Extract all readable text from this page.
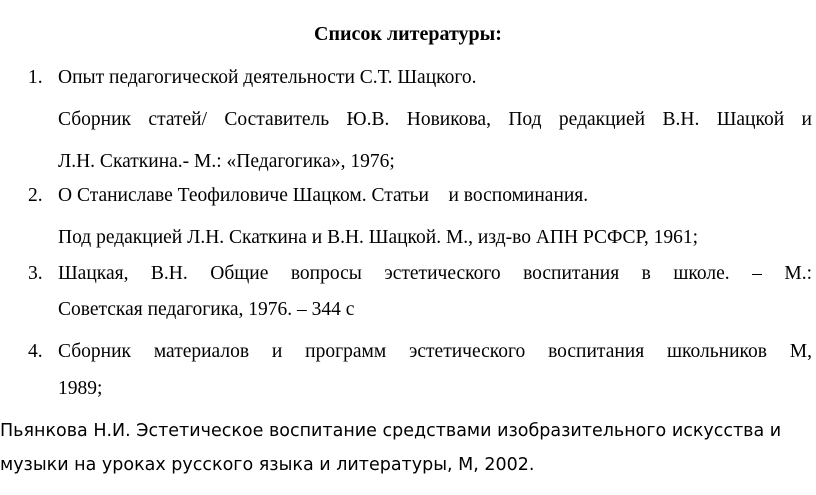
Список литературы:
1. Опыт педагогической деятельности С.Т. Шацкого.
Сборник статей/ Составитель Ю.В. Новикова, Под редакцией В.Н. Шацкой и
Л.Н. Скаткина.- М.: «Педагогика», 1976;
2. О Станиславе Теофиловиче Шацком. Статьи    и воспоминания.
Под редакцией Л.Н. Скаткина и В.Н. Шацкой. М., изд-во АПН РСФСР, 1961;
3. Шацкая, В.Н. Общие вопросы эстетического воспитания в школе. – М.:
Советская педагогика, 1976. – 344 с
4. Сборник материалов и программ эстетического воспитания школьников М,
1989;
Пьянкова Н.И. Эстетическое воспитание средствами изобразительного искусства и
музыки на уроках русского языка и литературы, М, 2002.
